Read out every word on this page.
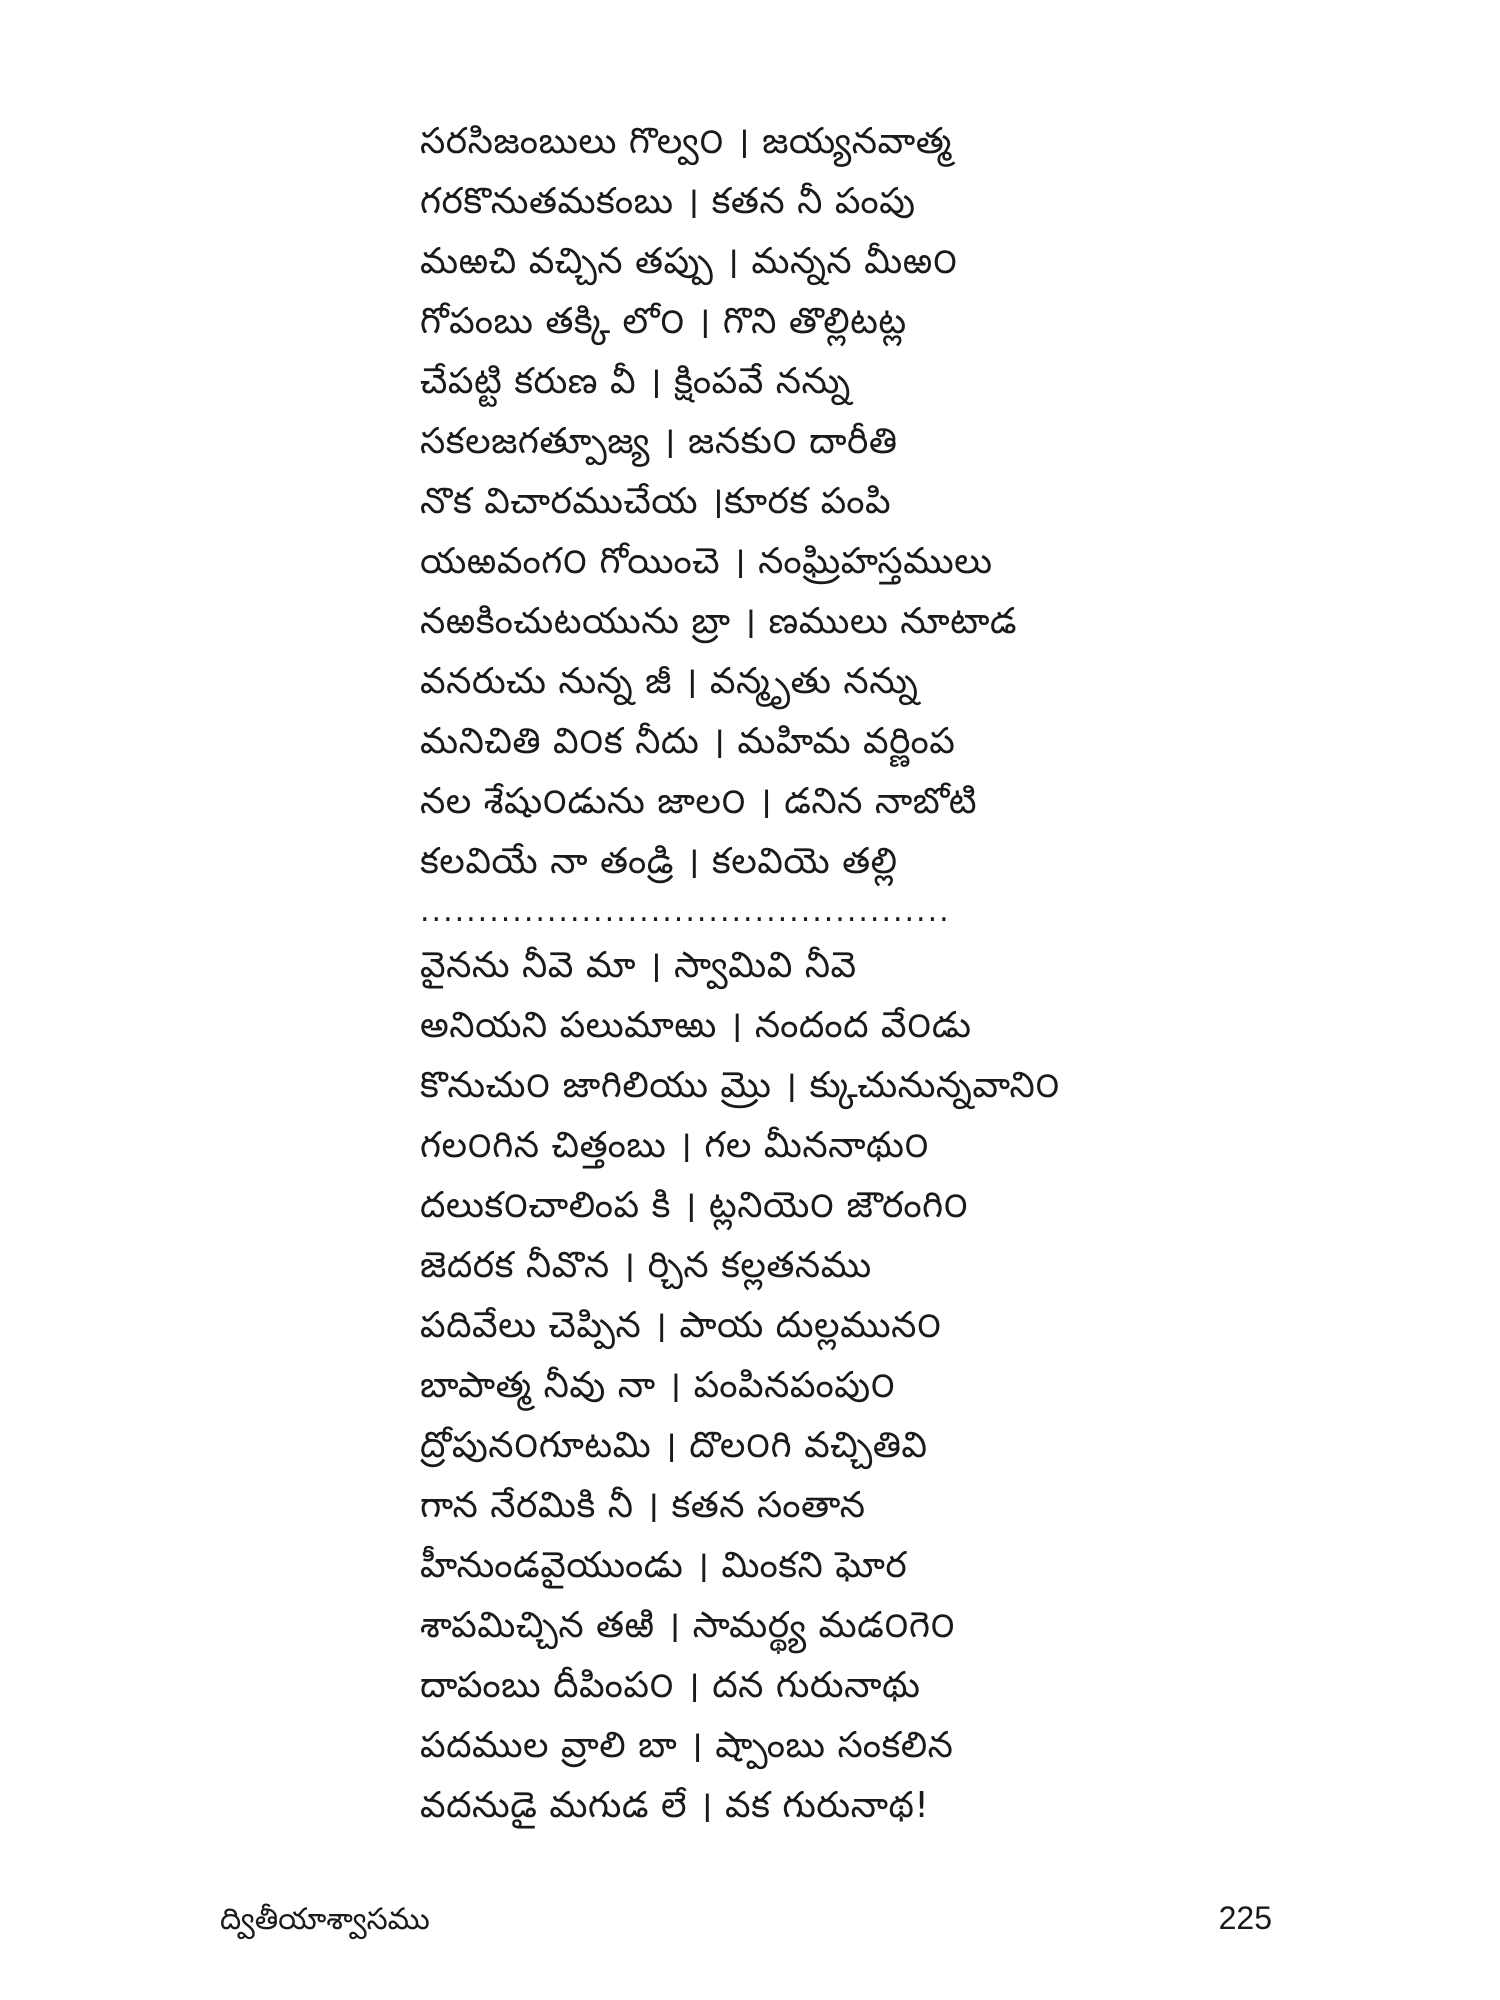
సరసిజంబులు గొల్వ౦ । జయ్యనవాత్మ
గరకొనుతమకంబు । కతన నీ పంపు
మఱచి వచ్చిన తప్పు । మన్నన మీఱ౦
గోపంబు తక్కి లో౦ । గొని తొల్లిటట్ల
చేపట్టి కరుణ వీ । క్షింపవే నన్ను
సకలజగత్పూజ్య । జనకు౦ దారీతి
నొక విచారముచేయ ।కూరక పంపి
యఱవంగ౦ గోయించె । నంఘ్రిహస్తములు
నఱకించుటయును బ్రా । ణములు నూటాడ
వనరుచు నున్న జీ । వన్మృతు నన్ను
మనిచితి వి౦క నీదు । మహిమ వర్ణింప
నల శేషు౦డును జాల౦ । డనిన నాబోటి
కలవియే నా తండ్రి । కలవియె తల్లి
..............................................
వైనను నీవె మా । స్వామివి నీవె
అనియని పలుమాఱు । నందంద వే౦డు
కొనుచు౦ జాగిలియు మ్రొ । క్కుచునున్నవాని౦
గల౦గిన చిత్తంబు । గల మీననాథు౦
దలుక౦చాలింప కి । ట్లనియె౦ జౌరంగి౦
జెదరక నీవొన । ర్చిన కల్లతనము
పదివేలు చెప్పిన । పాయ దుల్లమున౦
బాపాత్మ నీవు నా । పంపినపంపు౦
ద్రోపున౦గూటమి । దొల౦గి వచ్చితివి
గాన నేరమికి నీ । కతన సంతాన
హీనుండవైయుండు । మింకని ఘోర
శాపమిచ్చిన తఱి । సామర్థ్య మడ౦గె౦
దాపంబు దీపింప౦ । దన గురునాథు
పదముల వ్రాలి బా । ష్పాంబు సంకలిన
వదనుడై మగుడ లే । వక గురునాథ!
ద్వితీయాశ్వాసము	225
